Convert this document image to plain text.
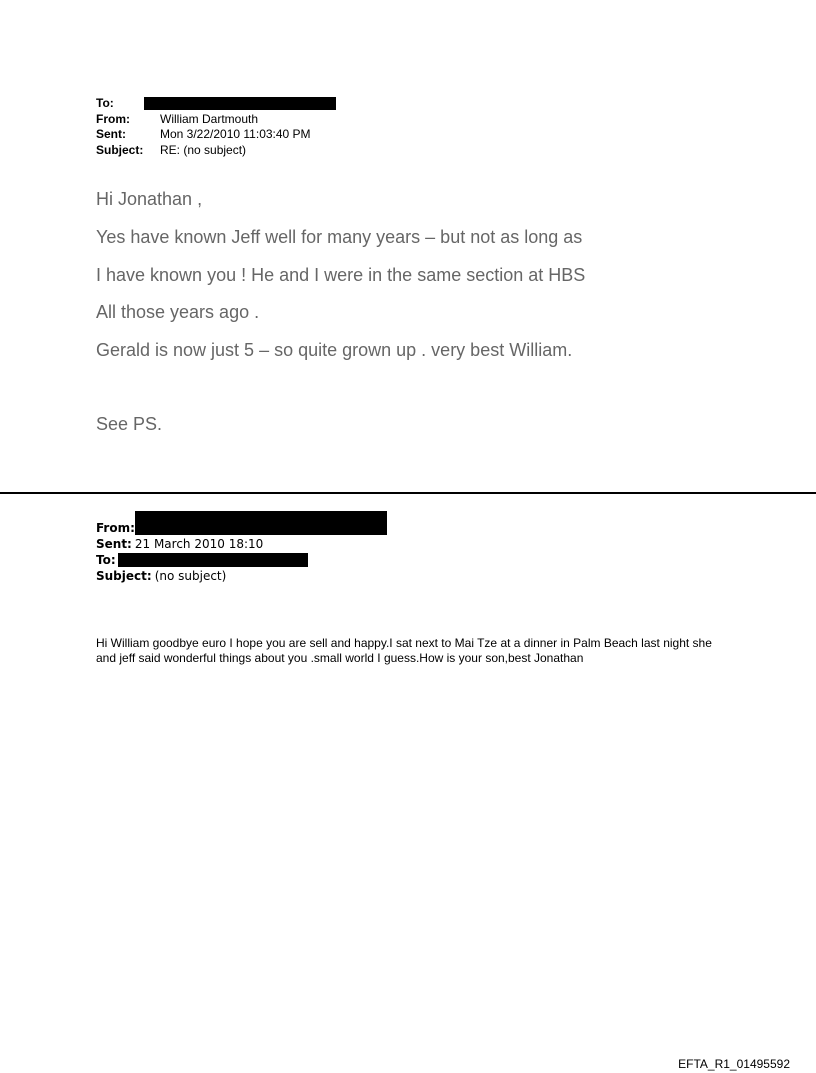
To:
From:	William Dartmouth
Sent:	Mon 3/22/2010 11:03:40 PM
Subject:	RE: (no subject)

Hi Jonathan ,

Yes have known Jeff well for many years – but not as long as

I have known you ! He and I were in the same section at HBS

All those years ago .

Gerald is now just 5 – so quite grown up . very best William.

See PS.

From:
Sent: 21 March 2010 18:10
To:
Subject: (no subject)
Hi William goodbye euro I hope you are sell and happy.I sat next to Mai Tze at a dinner in Palm Beach last night she and jeff said wonderful things about you .small world I guess.How is your son,best Jonathan
EFTA_R1_01495592
